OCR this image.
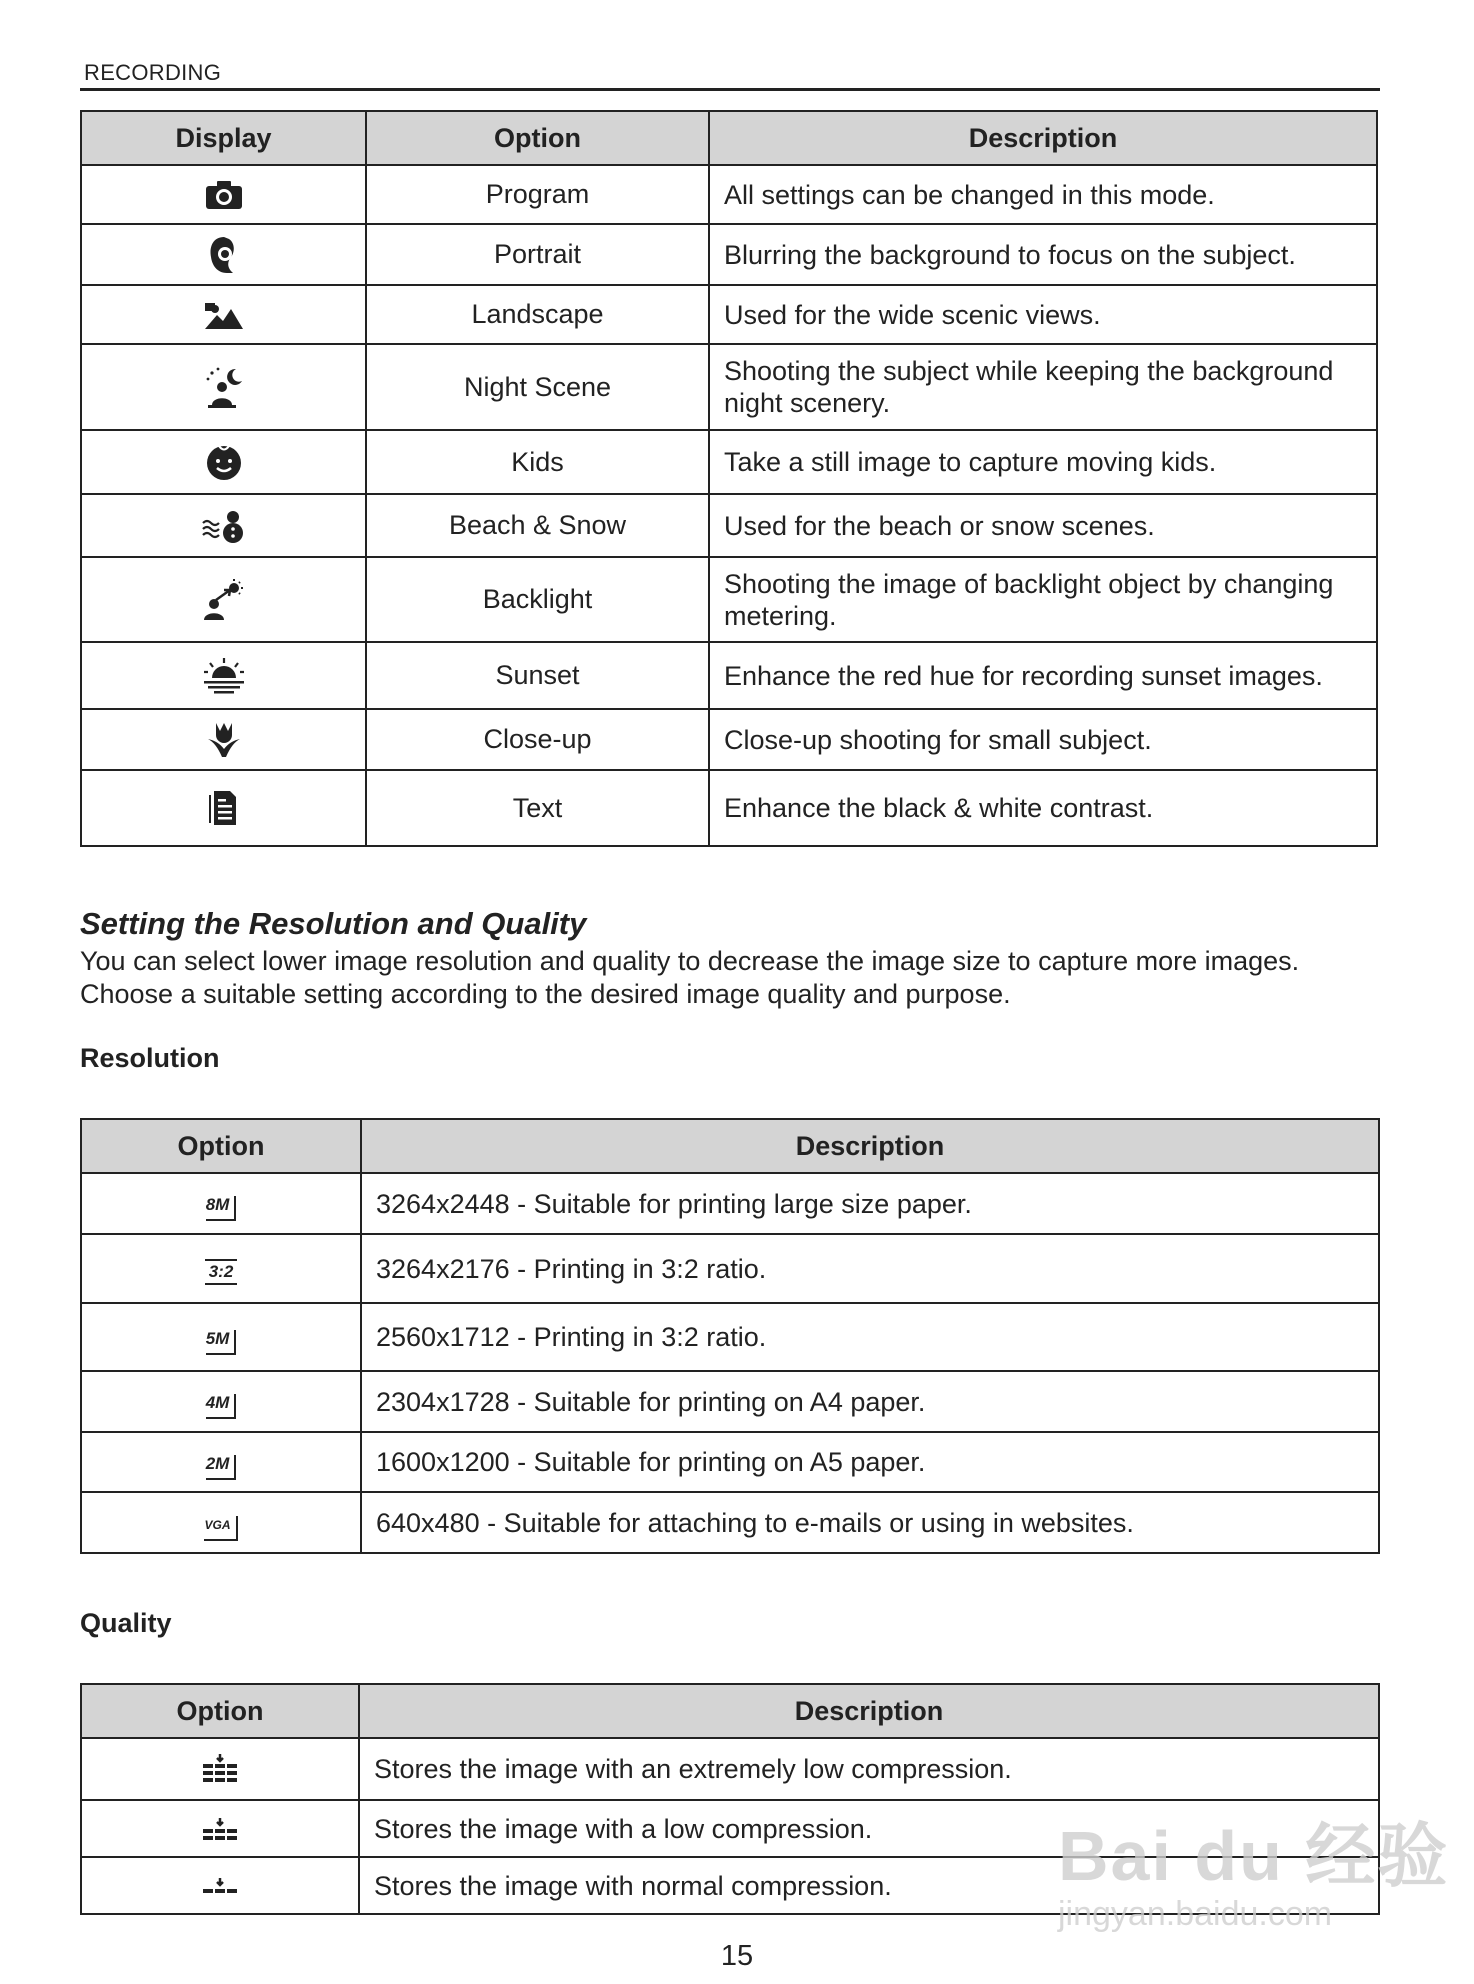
RECORDING
Display	Option	Description
	Program	All settings can be changed in this mode.
	Portrait	Blurring the background to focus on the subject.
	Landscape	Used for the wide scenic views.
	Night Scene	Shooting the subject while keeping the background night scenery.
	Kids	Take a still image to capture moving kids.
	Beach & Snow	Used for the beach or snow scenes.
	Backlight	Shooting the image of backlight object by changing metering.
	Sunset	Enhance the red hue for recording sunset images.
	Close-up	Close-up shooting for small subject.
	Text	Enhance the black & white contrast.
Setting the Resolution and Quality
You can select lower image resolution and quality to decrease the image size to capture more images.
Choose a suitable setting according to the desired image quality and purpose.
Resolution
Option	Description
8M	3264x2448 - Suitable for printing large size paper.
3:2	3264x2176 - Printing in 3:2 ratio.
5M	2560x1712 - Printing in 3:2 ratio.
4M	2304x1728 - Suitable for printing on A4 paper.
2M	1600x1200 - Suitable for printing on A5 paper.
VGA	640x480 - Suitable for attaching to e-mails or using in websites.
Quality
Option	Description
	Stores the image with an extremely low compression.
	Stores the image with a low compression.
	Stores the image with normal compression.
15
Bai du 经验
jingyan.baidu.com
